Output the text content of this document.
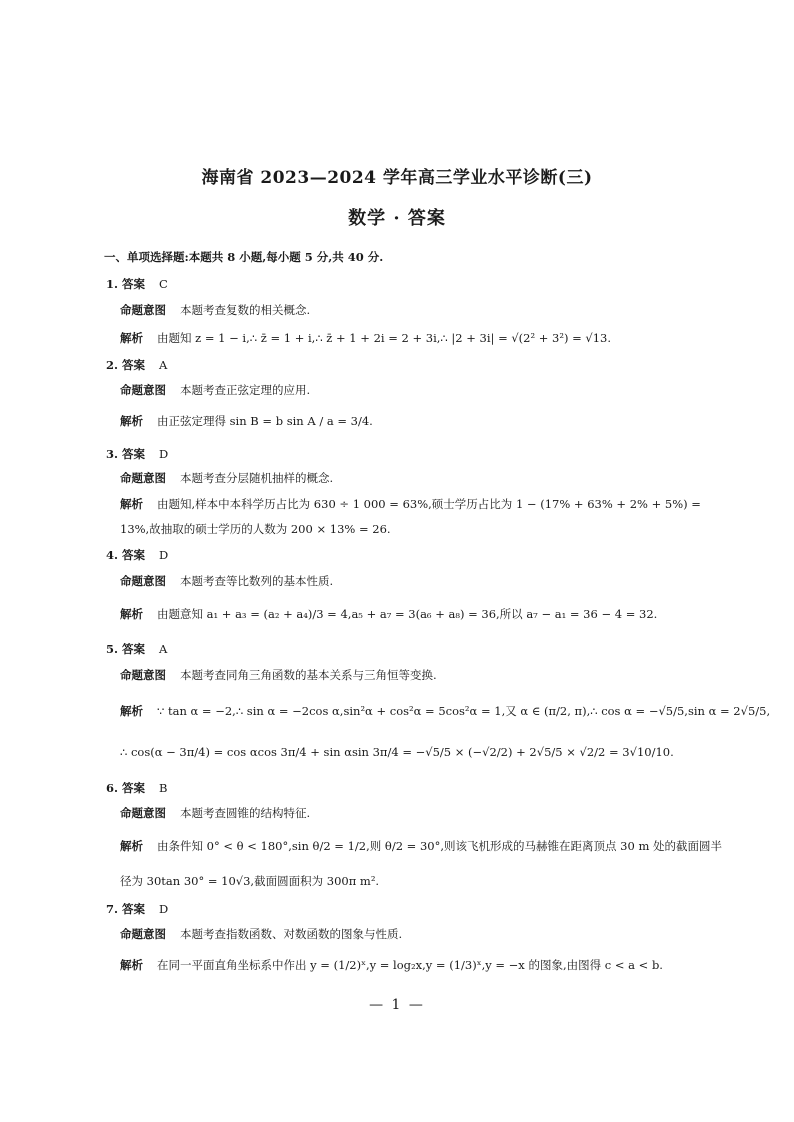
海南省 2023—2024 学年高三学业水平诊断(三)
数学 · 答案
一、单项选择题:本题共 8 小题,每小题 5 分,共 40 分.
1. 答案 C
命题意图 本题考查复数的相关概念.
解析 由题知 z = 1 − i,∴ z̄ = 1 + i,∴ z̄ + 1 + 2i = 2 + 3i,∴ |2 + 3i| = √(2² + 3²) = √13.
2. 答案 A
命题意图 本题考查正弦定理的应用.
解析 由正弦定理得 sin B = b sin A / a = 3/4.
3. 答案 D
命题意图 本题考查分层随机抽样的概念.
解析 由题知,样本中本科学历占比为 630 ÷ 1 000 = 63%,硕士学历占比为 1 − (17% + 63% + 2% + 5%) =
13%,故抽取的硕士学历的人数为 200 × 13% = 26.
4. 答案 D
命题意图 本题考查等比数列的基本性质.
解析 由题意知 a₁ + a₃ = (a₂ + a₄)/3 = 4,a₅ + a₇ = 3(a₆ + a₈) = 36,所以 a₇ − a₁ = 36 − 4 = 32.
5. 答案 A
命题意图 本题考查同角三角函数的基本关系与三角恒等变换.
解析 ∵ tan α = −2,∴ sin α = −2cos α,sin²α + cos²α = 5cos²α = 1,又 α ∈ (π/2, π),∴ cos α = −√5/5,sin α = 2√5/5,
∴ cos(α − 3π/4) = cos αcos 3π/4 + sin αsin 3π/4 = −√5/5 × (−√2/2) + 2√5/5 × √2/2 = 3√10/10.
6. 答案 B
命题意图 本题考查圆锥的结构特征.
解析 由条件知 0° < θ < 180°,sin θ/2 = 1/2,则 θ/2 = 30°,则该飞机形成的马赫锥在距离顶点 30 m 处的截面圆半
径为 30tan 30° = 10√3,截面圆面积为 300π m².
7. 答案 D
命题意图 本题考查指数函数、对数函数的图象与性质.
解析 在同一平面直角坐标系中作出 y = (1/2)ˣ,y = log₂x,y = (1/3)ˣ,y = −x 的图象,由图得 c < a < b.
— 1 —
